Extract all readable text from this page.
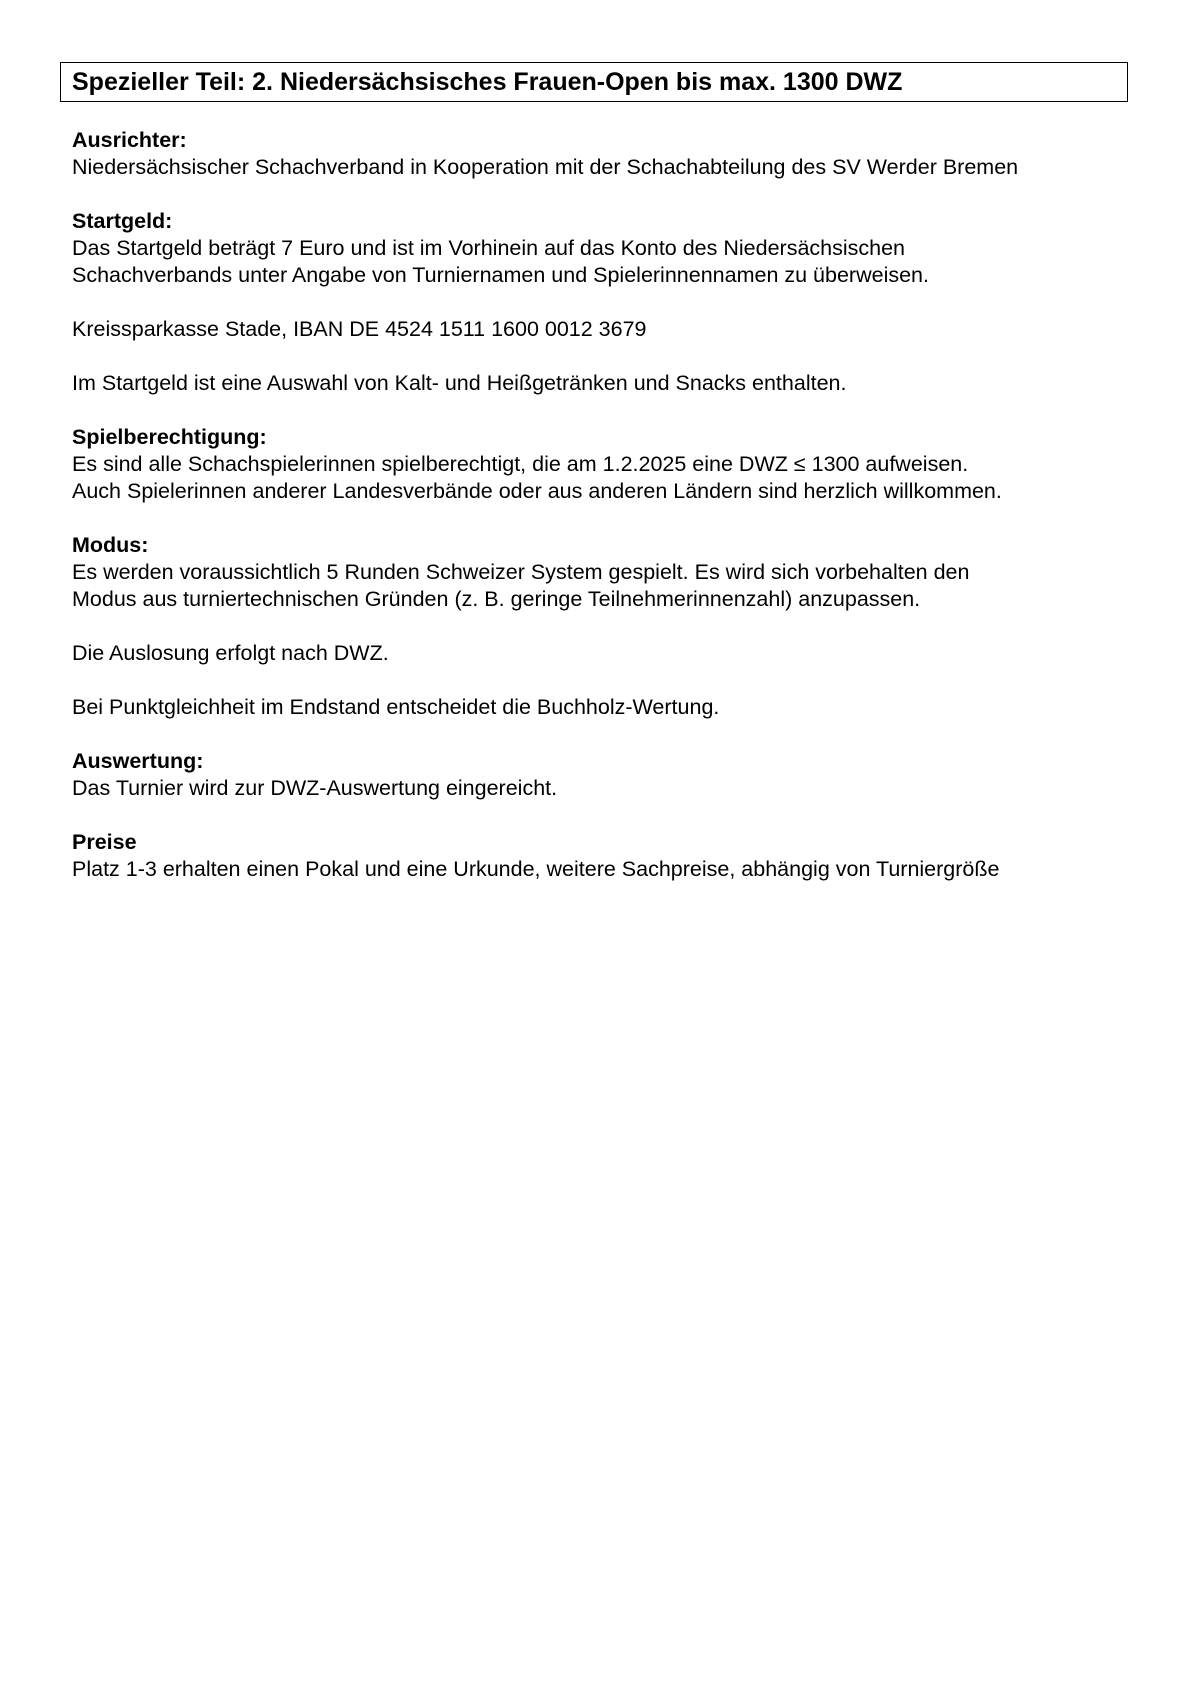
Spezieller Teil: 2. Niedersächsisches Frauen-Open bis max. 1300 DWZ
Ausrichter:
Niedersächsischer Schachverband in Kooperation mit der Schachabteilung des SV Werder Bremen
Startgeld:
Das Startgeld beträgt 7 Euro und ist im Vorhinein auf das Konto des Niedersächsischen
Schachverbands unter Angabe von Turniernamen und Spielerinnennamen zu überweisen.
Kreissparkasse Stade, IBAN DE 4524 1511 1600 0012 3679
Im Startgeld ist eine Auswahl von Kalt- und Heißgetränken und Snacks enthalten.
Spielberechtigung:
Es sind alle Schachspielerinnen spielberechtigt, die am 1.2.2025 eine DWZ ≤ 1300 aufweisen.
Auch Spielerinnen anderer Landesverbände oder aus anderen Ländern sind herzlich willkommen.
Modus:
Es werden voraussichtlich 5 Runden Schweizer System gespielt. Es wird sich vorbehalten den
Modus aus turniertechnischen Gründen (z. B. geringe Teilnehmerinnenzahl) anzupassen.
Die Auslosung erfolgt nach DWZ.
Bei Punktgleichheit im Endstand entscheidet die Buchholz-Wertung.
Auswertung:
Das Turnier wird zur DWZ-Auswertung eingereicht.
Preise
Platz 1-3 erhalten einen Pokal und eine Urkunde, weitere Sachpreise, abhängig von Turniergröße
